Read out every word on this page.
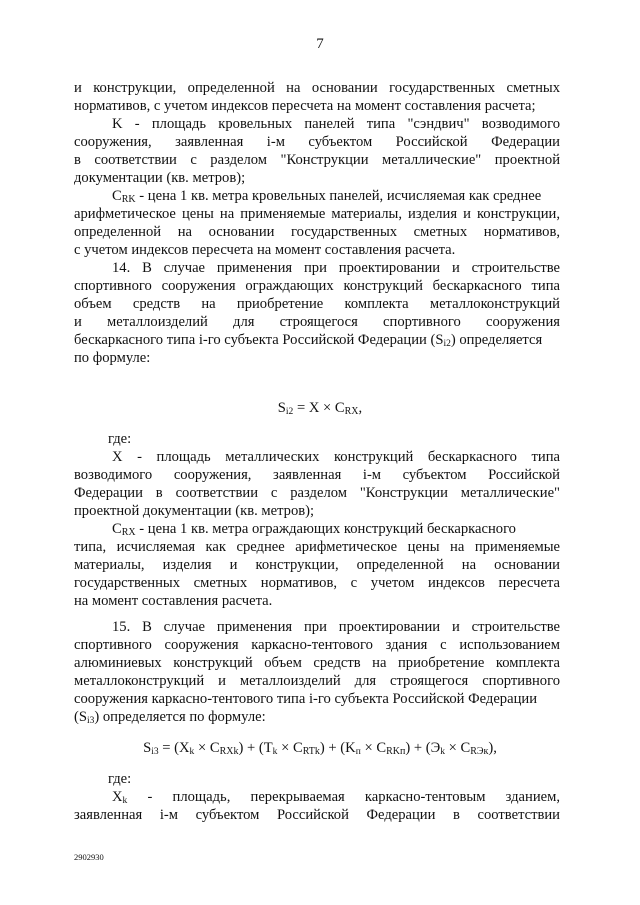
7
и конструкции, определенной на основании государственных сметных
нормативов, с учетом индексов пересчета на момент составления расчета;
K - площадь кровельных панелей типа "сэндвич" возводимого
сооружения, заявленная i-м субъектом Российской Федерации
в соответствии с разделом "Конструкции металлические" проектной
документации (кв. метров);
$C_{RK}$ - цена 1 кв. метра кровельных панелей, исчисляемая как среднее
арифметическое цены на применяемые материалы, изделия и конструкции,
определенной на основании государственных сметных нормативов,
с учетом индексов пересчета на момент составления расчета.
14. В случае применения при проектировании и строительстве
спортивного сооружения ограждающих конструкций бескаркасного типа
объем средств на приобретение комплекта металлоконструкций
и металлоизделий для строящегося спортивного сооружения
бескаркасного типа i-го субъекта Российской Федерации $(S_{i2})$ определяется
по формуле:
$S_{i2} = X \times C_{RX}$,
где:
X - площадь металлических конструкций бескаркасного типа
возводимого сооружения, заявленная i-м субъектом Российской
Федерации в соответствии с разделом "Конструкции металлические"
проектной документации (кв. метров);
$C_{RX}$ - цена 1 кв. метра ограждающих конструкций бескаркасного
типа, исчисляемая как среднее арифметическое цены на применяемые
материалы, изделия и конструкции, определенной на основании
государственных сметных нормативов, с учетом индексов пересчета
на момент составления расчета.
15. В случае применения при проектировании и строительстве
спортивного сооружения каркасно-тентового здания с использованием
алюминиевых конструкций объем средств на приобретение комплекта
металлоконструкций и металлоизделий для строящегося спортивного
сооружения каркасно-тентового типа i-го субъекта Российской Федерации
$(S_{i3})$ определяется по формуле:
$S_{i3} = (X_k \times C_{RXk}) + (T_k \times C_{RTk}) + (K_п \times C_{RKп}) + (Э_k \times C_{RЭк})$,
где:
$X_k$ - площадь, перекрываемая каркасно-тентовым зданием,
заявленная i-м субъектом Российской Федерации в соответствии
2902930
